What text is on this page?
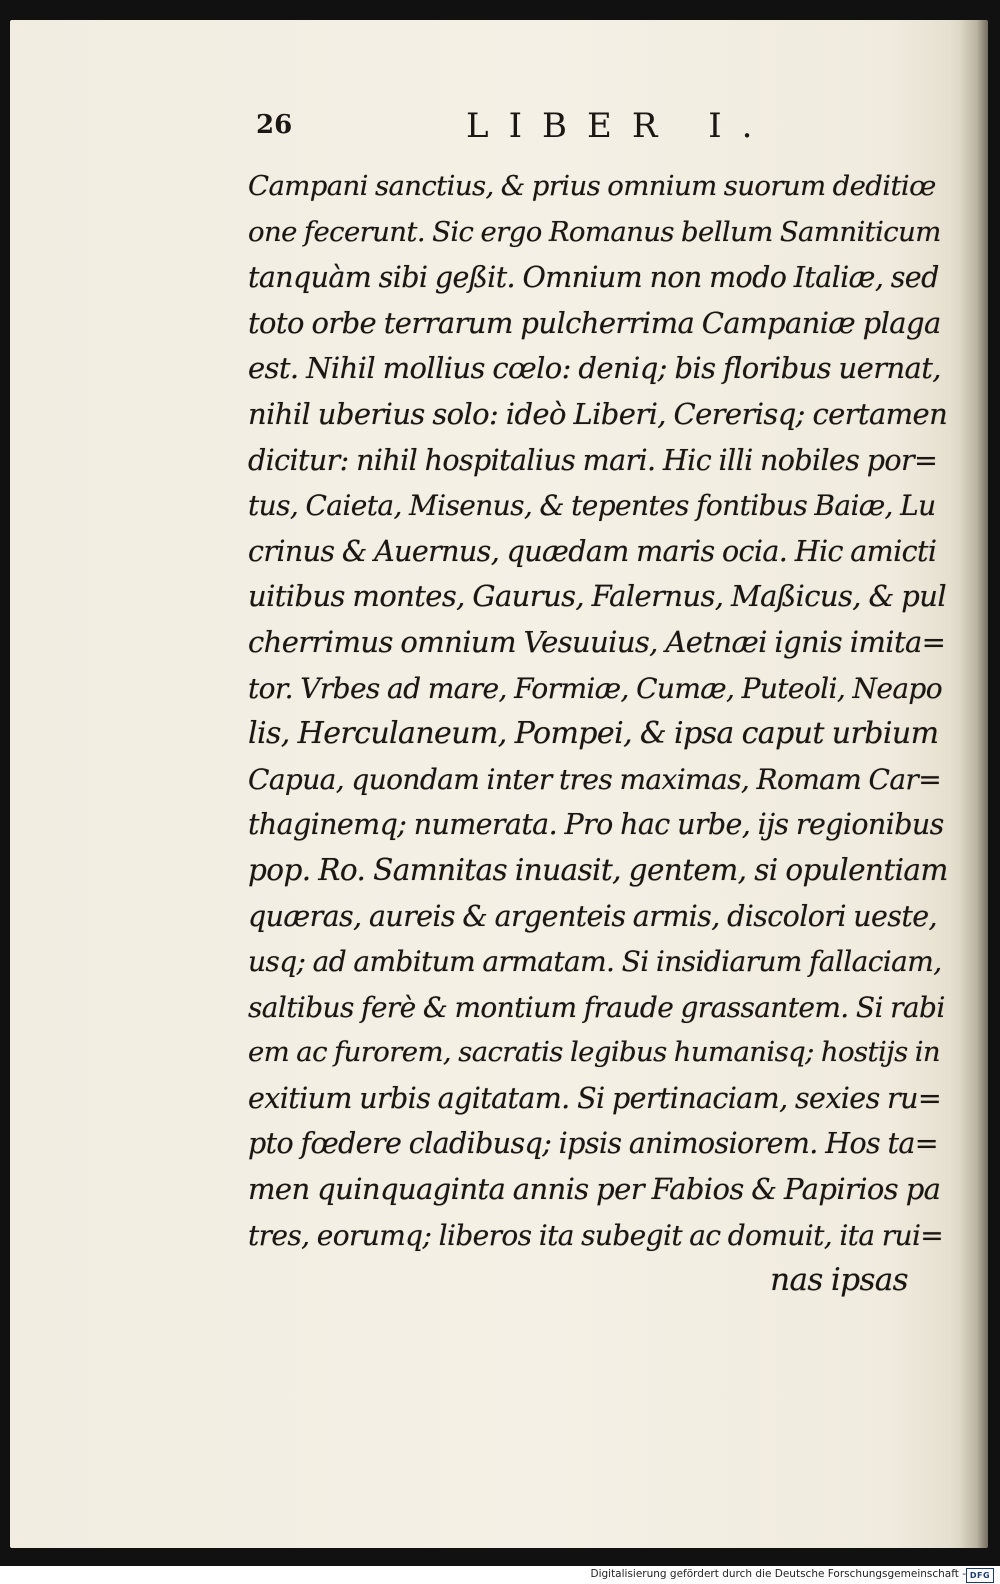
26	LIBER I.
Campani sanctius, & prius omnium suorum deditiœ
one fecerunt. Sic ergo Romanus bellum Samniticum
tanquàm sibi geßit. Omnium non modo Italiæ, sed
toto orbe terrarum pulcherrima Campaniæ plaga
est. Nihil mollius cœlo: deniq; bis floribus uernat,
nihil uberius solo: ideò Liberi, Cererisq; certamen
dicitur: nihil hospitalius mari. Hic illi nobiles por=
tus, Caieta, Misenus, & tepentes fontibus Baiæ, Lu
crinus & Auernus, quædam maris ocia. Hic amicti
uitibus montes, Gaurus, Falernus, Maßicus, & pul
cherrimus omnium Vesuuius, Aetnæi ignis imita=
tor. Vrbes ad mare, Formiæ, Cumæ, Puteoli, Neapo
lis, Herculaneum, Pompei, & ipsa caput urbium
Capua, quondam inter tres maximas, Romam Car=
thaginemq; numerata. Pro hac urbe, ijs regionibus
pop. Ro. Samnitas inuasit, gentem, si opulentiam
quæras, aureis & argenteis armis, discolori ueste,
usq; ad ambitum armatam. Si insidiarum fallaciam,
saltibus ferè & montium fraude grassantem. Si rabi
em ac furorem, sacratis legibus humanisq; hostijs in
exitium urbis agitatam. Si pertinaciam, sexies ru=
pto fœdere cladibusq; ipsis animosiorem. Hos ta=
men quinquaginta annis per Fabios & Papirios pa
tres, eorumq; liberos ita subegit ac domuit, ita rui=
nas ipsas
Digitalisierung gefördert durch die Deutsche Forschungsgemeinschaft - DFG
